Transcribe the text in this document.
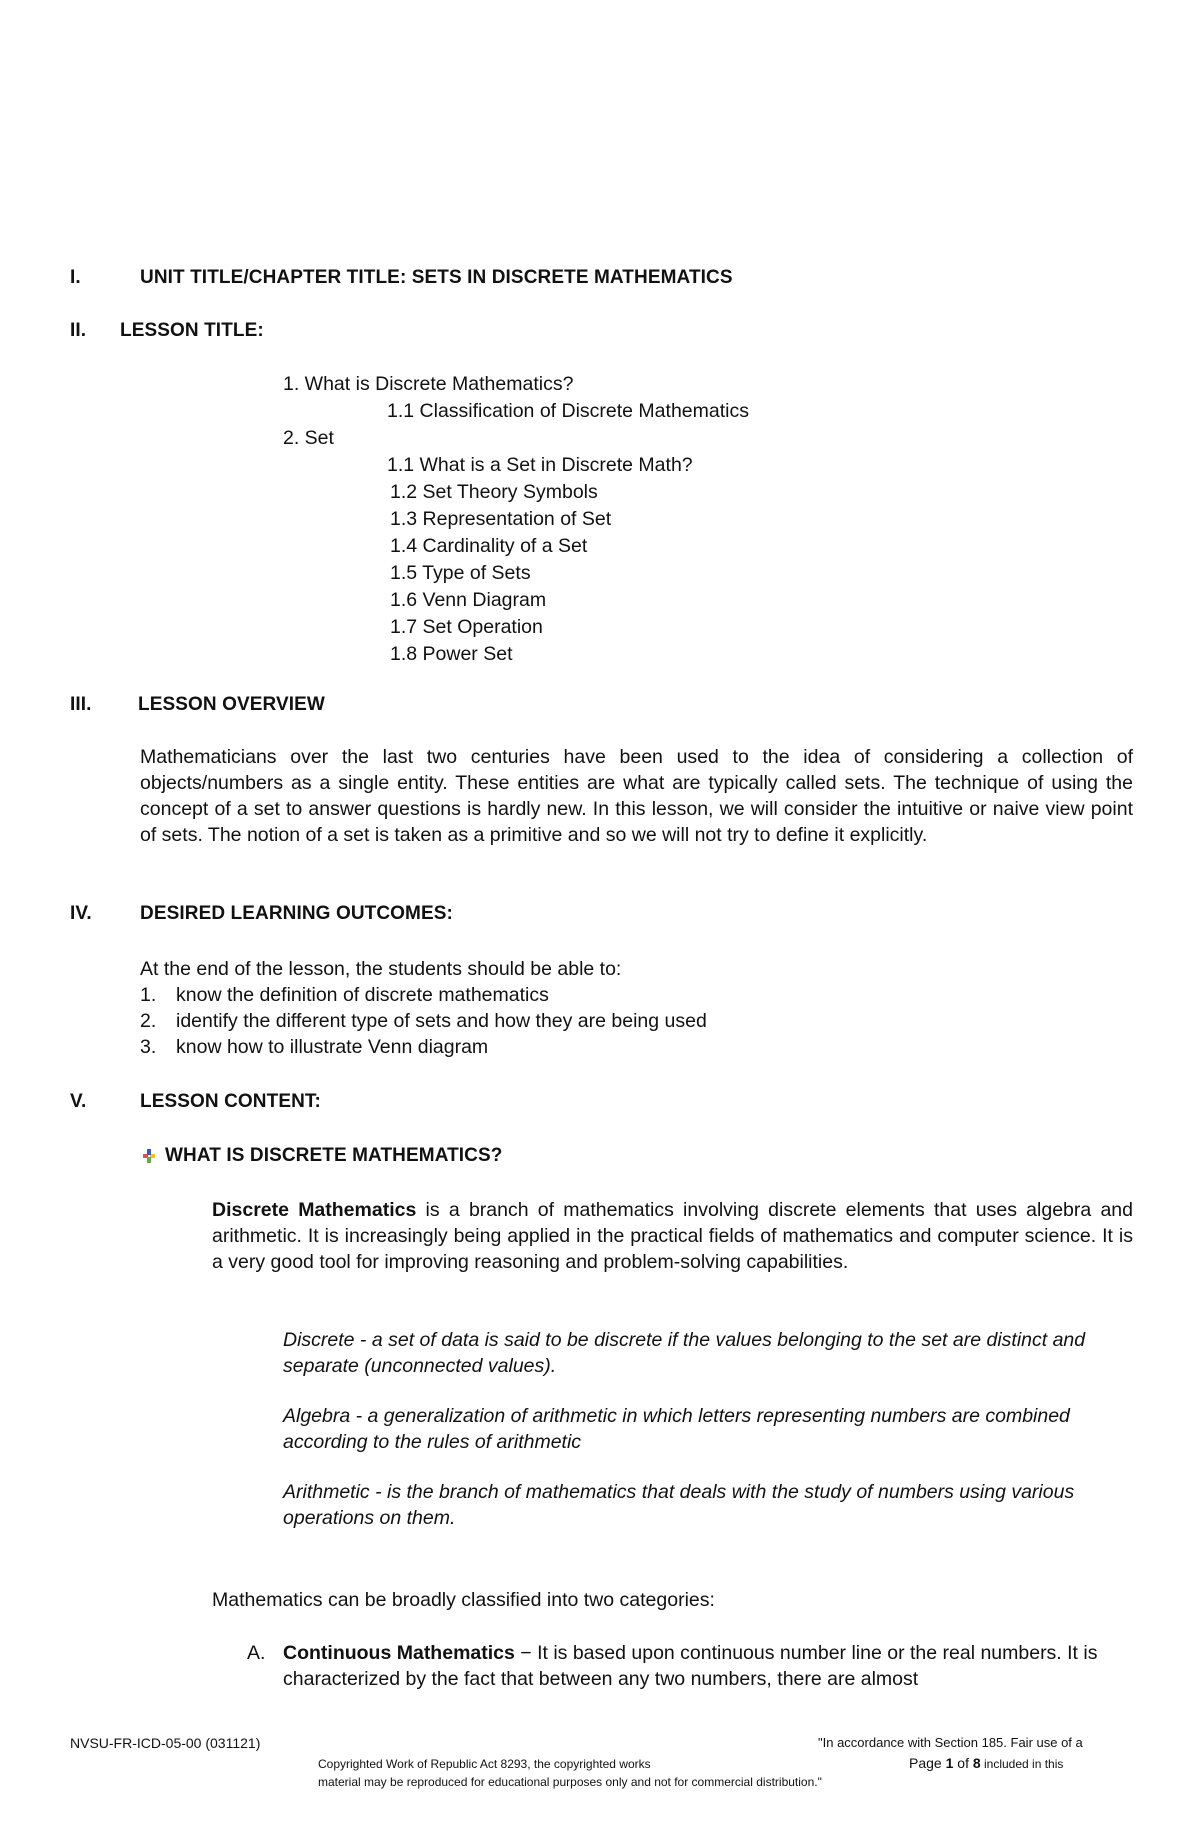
I.	UNIT TITLE/CHAPTER TITLE: SETS IN DISCRETE MATHEMATICS
II. LESSON TITLE:
1. What is Discrete Mathematics?
1.1 Classification of Discrete Mathematics
2. Set
1.1 What is a Set in Discrete Math?
1.2 Set Theory Symbols
1.3 Representation of Set
1.4 Cardinality of a Set
1.5 Type of Sets
1.6 Venn Diagram
1.7 Set Operation
1.8 Power Set
III. LESSON OVERVIEW

Mathematicians over the last two centuries have been used to the idea of considering a collection of objects/numbers as a single entity. These entities are what are typically called sets. The technique of using the concept of a set to answer questions is hardly new. In this lesson, we will consider the intuitive or naive view point of sets. The notion of a set is taken as a primitive and so we will not try to define it explicitly.

IV.	DESIRED LEARNING OUTCOMES:
At the end of the lesson, the students should be able to:
1. know the definition of discrete mathematics
2. identify the different type of sets and how they are being used
3. know how to illustrate Venn diagram
V.	LESSON CONTENT:
WHAT IS DISCRETE MATHEMATICS?

Discrete Mathematics is a branch of mathematics involving discrete elements that uses algebra and arithmetic. It is increasingly being applied in the practical fields of mathematics and computer science. It is a very good tool for improving reasoning and problem-solving capabilities.

Discrete - a set of data is said to be discrete if the values belonging to the set are distinct and separate (unconnected values).

Algebra - a generalization of arithmetic in which letters representing numbers are combined according to the rules of arithmetic

Arithmetic - is the branch of mathematics that deals with the study of numbers using various operations on them.

Mathematics can be broadly classified into two categories:
A. Continuous Mathematics − It is based upon continuous number line or the real numbers. It is characterized by the fact that between any two numbers, there are almost

NVSU-FR-ICD-05-00 (031121)	"In accordance with Section 185. Fair use of a
Copyrighted Work of Republic Act 8293, the copyrighted works	Page 1 of 8 included in this
material may be reproduced for educational purposes only and not for commercial distribution."
